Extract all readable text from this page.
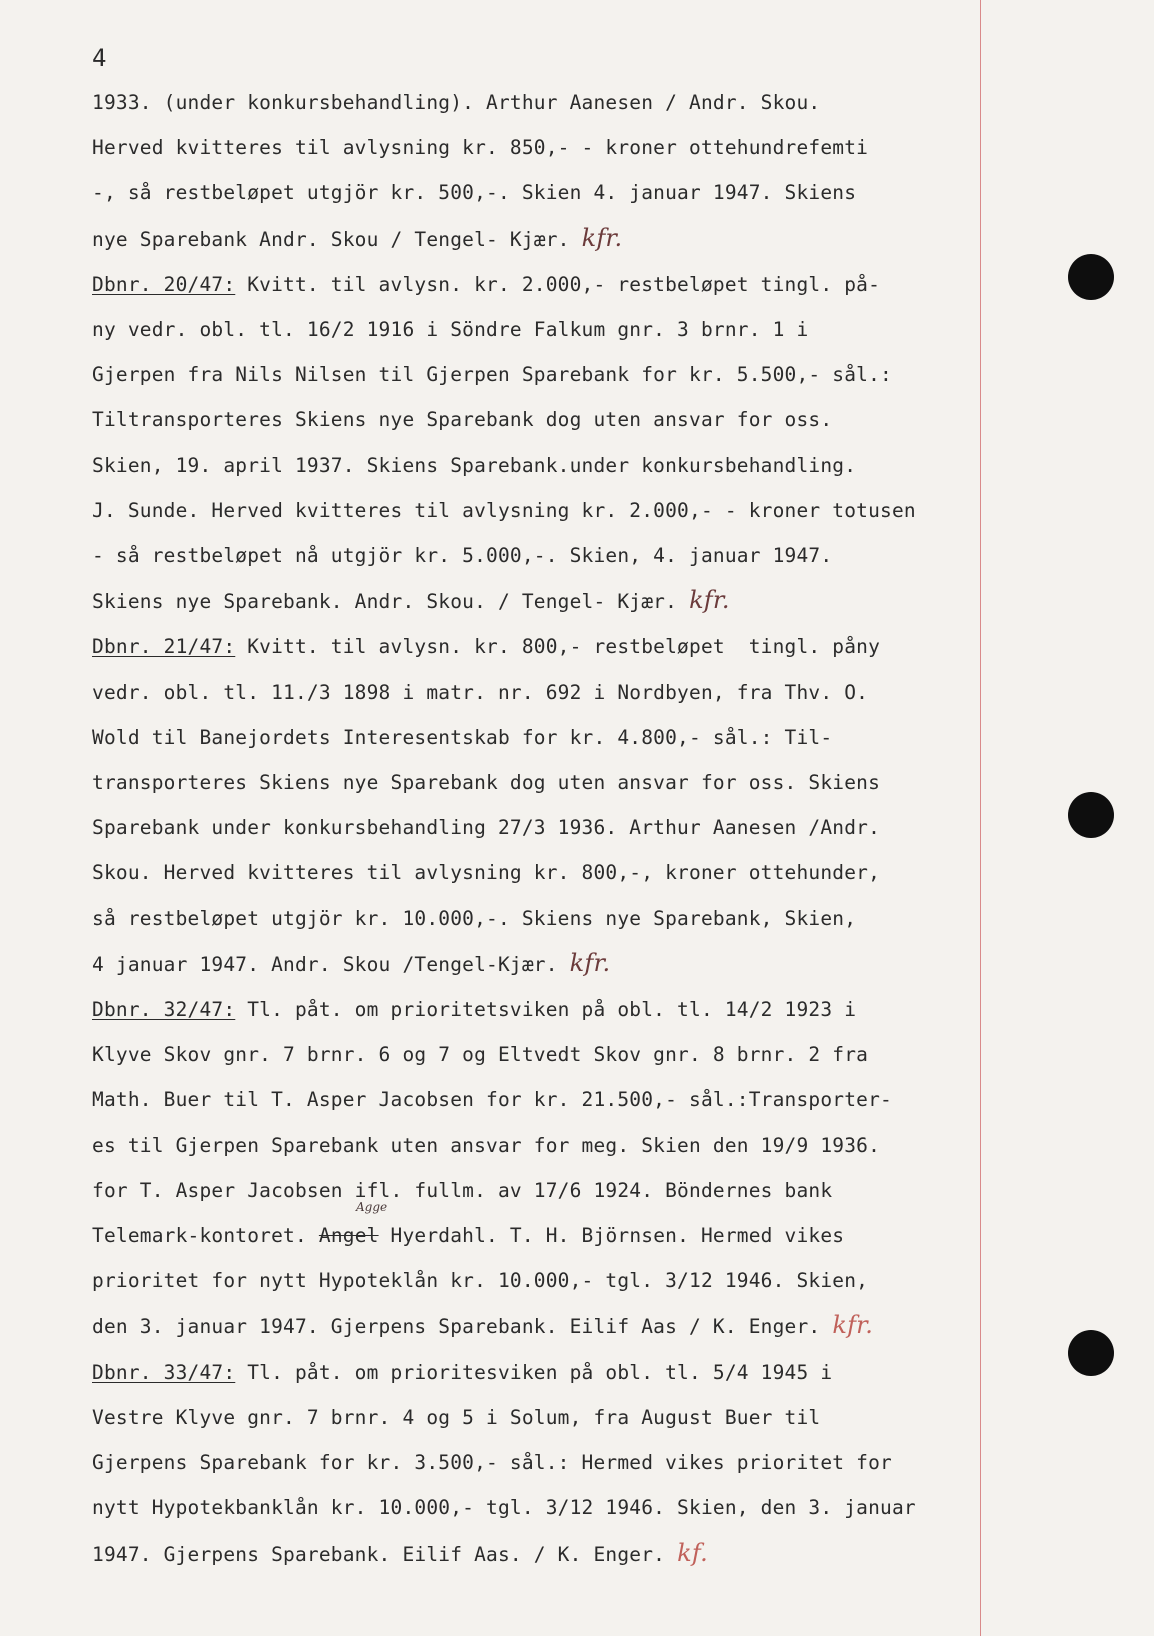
4
Agge
1933. (under konkursbehandling). Arthur Aanesen / Andr. Skou.
Herved kvitteres til avlysning kr. 850,- - kroner ottehundrefemti
-, så restbeløpet utgjör kr. 500,-. Skien 4. januar 1947. Skiens
nye Sparebank Andr. Skou / Tengel- Kjær. kfr.
Dbnr. 20/47: Kvitt. til avlysn. kr. 2.000,- restbeløpet tingl. på-
ny vedr. obl. tl. 16/2 1916 i Söndre Falkum gnr. 3 brnr. 1 i
Gjerpen fra Nils Nilsen til Gjerpen Sparebank for kr. 5.500,- sål.:
Tiltransporteres Skiens nye Sparebank dog uten ansvar for oss.
Skien, 19. april 1937. Skiens Sparebank.under konkursbehandling.
J. Sunde. Herved kvitteres til avlysning kr. 2.000,- - kroner totusen
- så restbeløpet nå utgjör kr. 5.000,-. Skien, 4. januar 1947.
Skiens nye Sparebank. Andr. Skou. / Tengel- Kjær. kfr.
Dbnr. 21/47: Kvitt. til avlysn. kr. 800,- restbeløpet  tingl. påny
vedr. obl. tl. 11./3 1898 i matr. nr. 692 i Nordbyen, fra Thv. O.
Wold til Banejordets Interesentskab for kr. 4.800,- sål.: Til-
transporteres Skiens nye Sparebank dog uten ansvar for oss. Skiens
Sparebank under konkursbehandling 27/3 1936. Arthur Aanesen /Andr.
Skou. Herved kvitteres til avlysning kr. 800,-, kroner ottehunder,
så restbeløpet utgjör kr. 10.000,-. Skiens nye Sparebank, Skien,
4 januar 1947. Andr. Skou /Tengel-Kjær. kfr.
Dbnr. 32/47: Tl. påt. om prioritetsviken på obl. tl. 14/2 1923 i
Klyve Skov gnr. 7 brnr. 6 og 7 og Eltvedt Skov gnr. 8 brnr. 2 fra
Math. Buer til T. Asper Jacobsen for kr. 21.500,- sål.:Transporter-
es til Gjerpen Sparebank uten ansvar for meg. Skien den 19/9 1936.
for T. Asper Jacobsen ifl. fullm. av 17/6 1924. Böndernes bank
Telemark-kontoret. Angel Hyerdahl. T. H. Björnsen. Hermed vikes
prioritet for nytt Hypoteklån kr. 10.000,- tgl. 3/12 1946. Skien,
den 3. januar 1947. Gjerpens Sparebank. Eilif Aas / K. Enger. kfr.
Dbnr. 33/47: Tl. påt. om prioritesviken på obl. tl. 5/4 1945 i
Vestre Klyve gnr. 7 brnr. 4 og 5 i Solum, fra August Buer til
Gjerpens Sparebank for kr. 3.500,- sål.: Hermed vikes prioritet for
nytt Hypotekbanklån kr. 10.000,- tgl. 3/12 1946. Skien, den 3. januar
1947. Gjerpens Sparebank. Eilif Aas. / K. Enger. kf.
